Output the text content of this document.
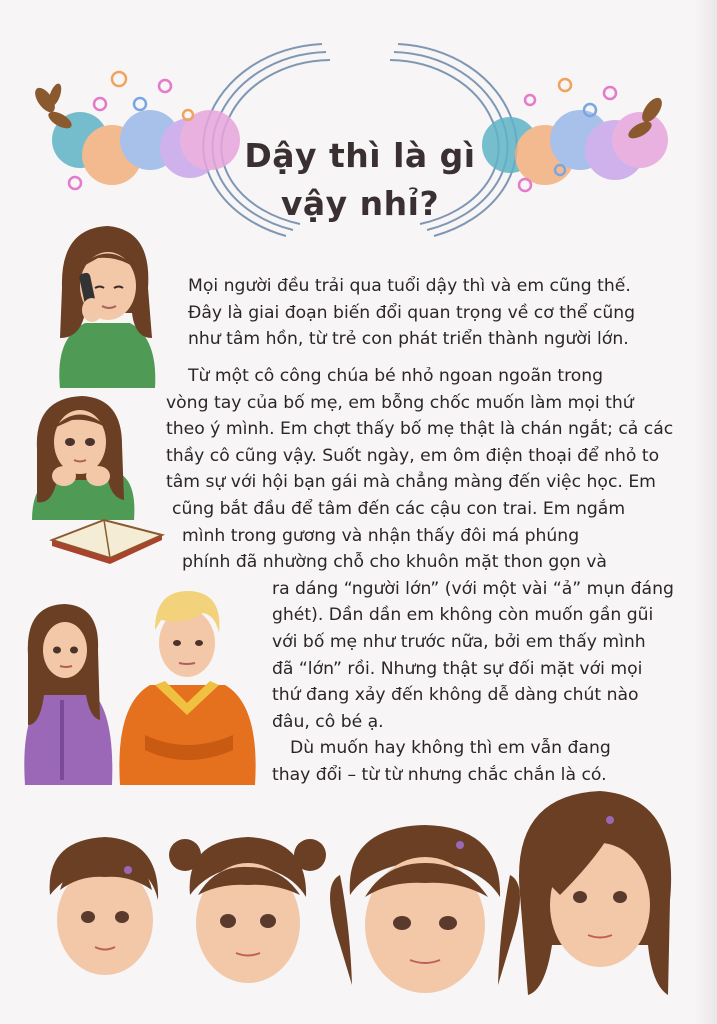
Dậy thì là gì
vậy nhỉ?
Mọi người đều trải qua tuổi dậy thì và em cũng thế.
Đây là giai đoạn biến đổi quan trọng về cơ thể cũng
như tâm hồn, từ trẻ con phát triển thành người lớn.
Từ một cô công chúa bé nhỏ ngoan ngoãn trong
vòng tay của bố mẹ, em bỗng chốc muốn làm mọi thứ
theo ý mình. Em chợt thấy bố mẹ thật là chán ngắt; cả các
thầy cô cũng vậy. Suốt ngày, em ôm điện thoại để nhỏ to
tâm sự với hội bạn gái mà chẳng màng đến việc học. Em
cũng bắt đầu để tâm đến các cậu con trai. Em ngắm
mình trong gương và nhận thấy đôi má phúng
phính đã nhường chỗ cho khuôn mặt thon gọn và
ra dáng “người lớn” (với một vài “ả” mụn đáng
ghét). Dần dần em không còn muốn gần gũi
với bố mẹ như trước nữa, bởi em thấy mình
đã “lớn” rồi. Nhưng thật sự đối mặt với mọi
thứ đang xảy đến không dễ dàng chút nào
đâu, cô bé ạ.
Dù muốn hay không thì em vẫn đang
thay đổi – từ từ nhưng chắc chắn là có.
